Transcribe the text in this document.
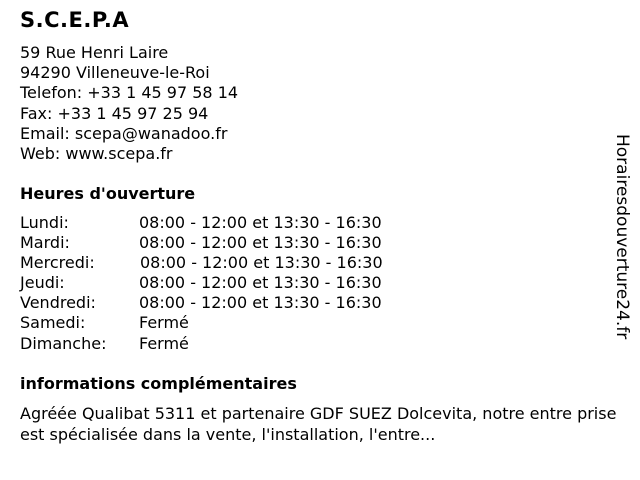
S.C.E.P.A
59 Rue Henri Laire
94290 Villeneuve-le-Roi
Telefon: +33 1 45 97 58 14
Fax: +33 1 45 97 25 94
Email: scepa@wanadoo.fr
Web: www.scepa.fr
Heures d'ouverture
Lundi:	08:00 - 12:00 et 13:30 - 16:30
Mardi:	08:00 - 12:00 et 13:30 - 16:30
Mercredi:	08:00 - 12:00 et 13:30 - 16:30
Jeudi:	08:00 - 12:00 et 13:30 - 16:30
Vendredi:	08:00 - 12:00 et 13:30 - 16:30
Samedi:	Fermé
Dimanche:	Fermé
informations complémentaires
Agréée Qualibat 5311 et partenaire GDF SUEZ Dolcevita, notre entre prise est spécialisée dans la vente, l'installation, l'entre...
Horairesdouverture24.fr
